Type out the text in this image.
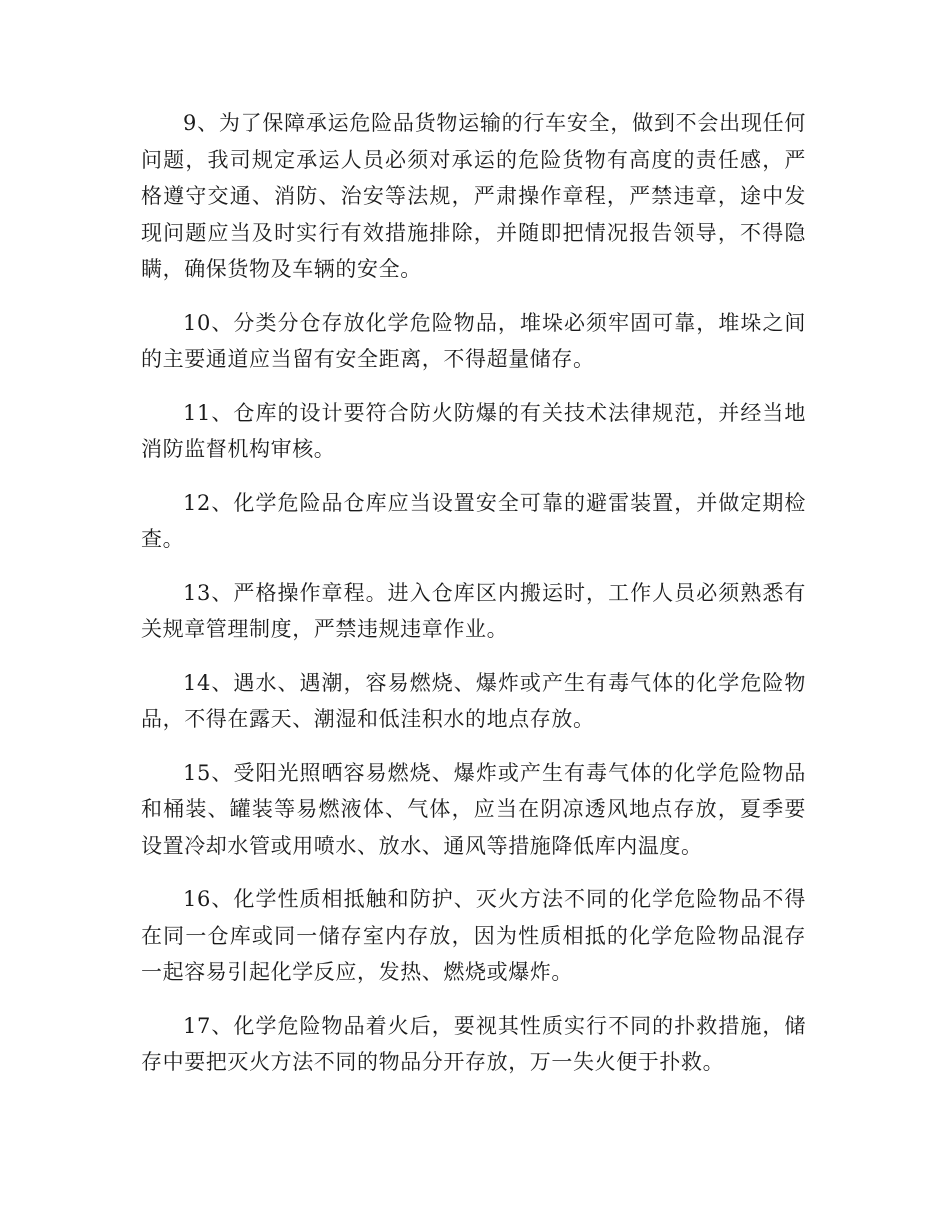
9、为了保障承运危险品货物运输的行车安全，做到不会出现任何问题，我司规定承运人员必须对承运的危险货物有高度的责任感，严格遵守交通、消防、治安等法规，严肃操作章程，严禁违章，途中发现问题应当及时实行有效措施排除，并随即把情况报告领导，不得隐瞒，确保货物及车辆的安全。

10、分类分仓存放化学危险物品，堆垛必须牢固可靠，堆垛之间的主要通道应当留有安全距离，不得超量储存。

11、仓库的设计要符合防火防爆的有关技术法律规范，并经当地消防监督机构审核。

12、化学危险品仓库应当设置安全可靠的避雷装置，并做定期检查。

13、严格操作章程。进入仓库区内搬运时，工作人员必须熟悉有关规章管理制度，严禁违规违章作业。

14、遇水、遇潮，容易燃烧、爆炸或产生有毒气体的化学危险物品，不得在露天、潮湿和低洼积水的地点存放。

15、受阳光照晒容易燃烧、爆炸或产生有毒气体的化学危险物品和桶装、罐装等易燃液体、气体，应当在阴凉透风地点存放，夏季要设置冷却水管或用喷水、放水、通风等措施降低库内温度。

16、化学性质相抵触和防护、灭火方法不同的化学危险物品不得在同一仓库或同一储存室内存放，因为性质相抵的化学危险物品混存一起容易引起化学反应，发热、燃烧或爆炸。

17、化学危险物品着火后，要视其性质实行不同的扑救措施，储存中要把灭火方法不同的物品分开存放，万一失火便于扑救。
